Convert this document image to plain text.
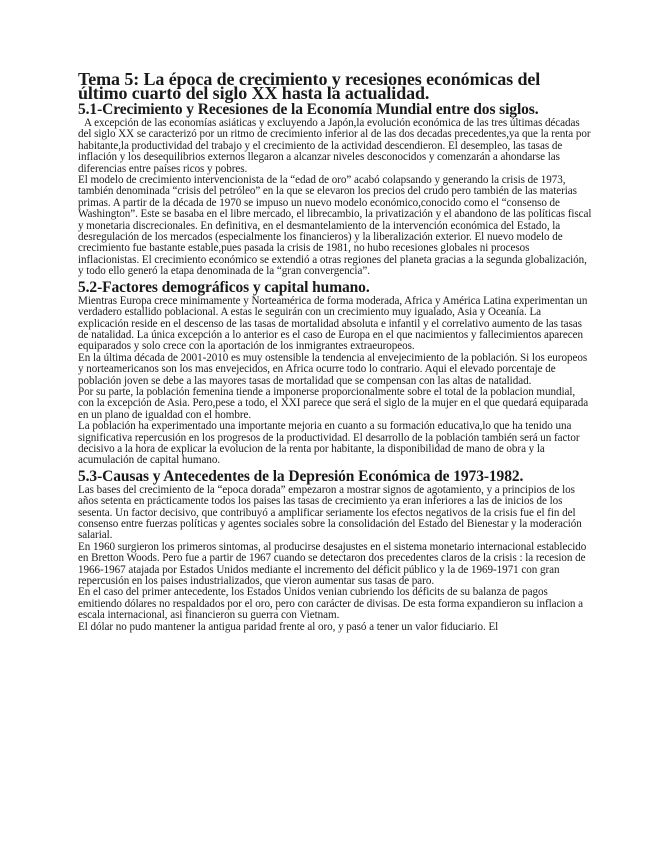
Tema 5: La época de crecimiento y recesiones económicas del último cuarto del siglo XX hasta la actualidad.
5.1-Crecimiento y Recesiones de la Economía Mundial entre dos siglos.

A excepción de las economías asiáticas y excluyendo a Japón,la evolución económica de las tres últimas décadas del siglo XX se caracterizó por un ritmo de crecimiento inferior al de las dos decadas precedentes,ya que la renta por habitante,la productividad del trabajo y el crecimiento de la actividad descendieron. El desempleo, las tasas de inflación y los desequilibrios externos llegaron a alcanzar niveles desconocidos y comenzarán a ahondarse las diferencias entre países ricos y pobres.

El modelo de crecimiento intervencionista de la “edad de oro” acabó colapsando y generando la crisis de 1973, también denominada “crisis del petróleo” en la que se elevaron los precios del crudo pero también de las materias primas. A partir de la década de 1970 se impuso un nuevo modelo económico,conocido como el “consenso de Washington”. Este se basaba en el libre mercado, el librecambio, la privatización y el abandono de las políticas fiscal y monetaria discrecionales. En definitiva, en el desmantelamiento de la intervención económica del Estado, la desregulación de los mercados (especialmente los financieros) y la liberalización exterior. El nuevo modelo de crecimiento fue bastante estable,pues pasada la crisis de 1981, no hubo recesiones globales ni procesos inflacionistas. El crecimiento económico se extendió a otras regiones del planeta gracias a la segunda globalización, y todo ello generó la etapa denominada de la “gran convergencia”.

5.2-Factores demográficos y capital humano.

Mientras Europa crece minimamente y Norteamérica de forma moderada, Africa y América Latina experimentan un verdadero estallido poblacional. A estas le seguirán con un crecimiento muy igualado, Asia y Oceanía. La explicación reside en el descenso de las tasas de mortalidad absoluta e infantil y el correlativo aumento de las tasas de natalidad. La única excepción a lo anterior es el caso de Europa en el que nacimientos y fallecimientos aparecen equiparados y solo crece con la aportación de los inmigrantes extraeuropeos.

En la última década de 2001-2010 es muy ostensible la tendencia al envejecimiento de la población. Si los europeos y norteamericanos son los mas envejecidos, en Africa ocurre todo lo contrario. Aqui el elevado porcentaje de población joven se debe a las mayores tasas de mortalidad que se compensan con las altas de natalidad.

Por su parte, la población femenina tiende a imponerse proporcionalmente sobre el total de la poblacion mundial, con la excepción de Asia. Pero,pese a todo, el XXI parece que será el siglo de la mujer en el que quedará equiparada en un plano de igualdad con el hombre.

La población ha experimentado una importante mejoria en cuanto a su formación educativa,lo que ha tenido una significativa repercusión en los progresos de la productividad. El desarrollo de la población también será un factor decisivo a la hora de explicar la evolucion de la renta por habitante, la disponibilidad de mano de obra y la acumulación de capital humano.

5.3-Causas y Antecedentes de la Depresión Económica de 1973-1982.

Las bases del crecimiento de la “epoca dorada” empezaron a mostrar signos de agotamiento, y a principios de los años setenta en prácticamente todos los paises las tasas de crecimiento ya eran inferiores a las de inicios de los sesenta. Un factor decisivo, que contribuyó a amplificar seriamente los efectos negativos de la crisis fue el fin del consenso entre fuerzas políticas y agentes sociales sobre la consolidación del Estado del Bienestar y la moderación salarial.

En 1960 surgieron los primeros sintomas, al producirse desajustes en el sistema monetario internacional establecido en Bretton Woods. Pero fue a partir de 1967 cuando se detectaron dos precedentes claros de la crisis : la recesion de 1966-1967 atajada por Estados Unidos mediante el incremento del déficit público y la de 1969-1971 con gran repercusión en los paises industrializados, que vieron aumentar sus tasas de paro.

En el caso del primer antecedente, los Estados Unidos venian cubriendo los déficits de su balanza de pagos emitiendo dólares no respaldados por el oro, pero con carácter de divisas. De esta forma expandieron su inflacion a escala internacional, asi financieron su guerra con Vietnam.

El dólar no pudo mantener la antigua paridad frente al oro, y pasó a tener un valor fiduciario. El
